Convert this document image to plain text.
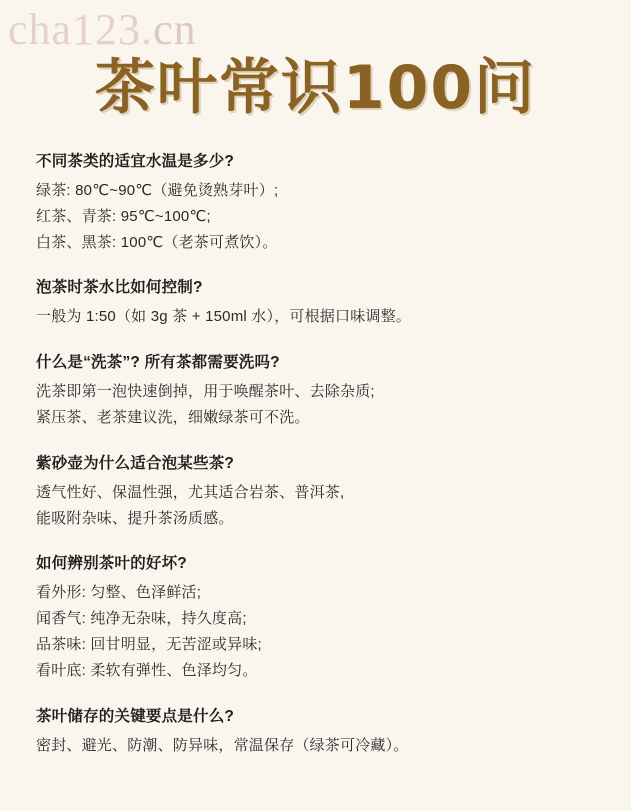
cha123.cn
茶叶常识100问
不同茶类的适宜水温是多少?
绿茶: 80℃~90℃（避免烫熟芽叶）;
红茶、青茶: 95℃~100℃;
白茶、黑茶: 100℃（老茶可煮饮）。
泡茶时茶水比如何控制?
一般为 1:50（如 3g 茶 + 150ml 水），可根据口味调整。
什么是“洗茶”? 所有茶都需要洗吗?
洗茶即第一泡快速倒掉，用于唤醒茶叶、去除杂质;
紧压茶、老茶建议洗，细嫩绿茶可不洗。
紫砂壶为什么适合泡某些茶?
透气性好、保温性强，尤其适合岩茶、普洱茶,
能吸附杂味、提升茶汤质感。
如何辨别茶叶的好坏?
看外形: 匀整、色泽鲜活;
闻香气: 纯净无杂味，持久度高;
品茶味: 回甘明显，无苦涩或异味;
看叶底: 柔软有弹性、色泽均匀。
茶叶储存的关键要点是什么?
密封、避光、防潮、防异味，常温保存（绿茶可冷藏）。
